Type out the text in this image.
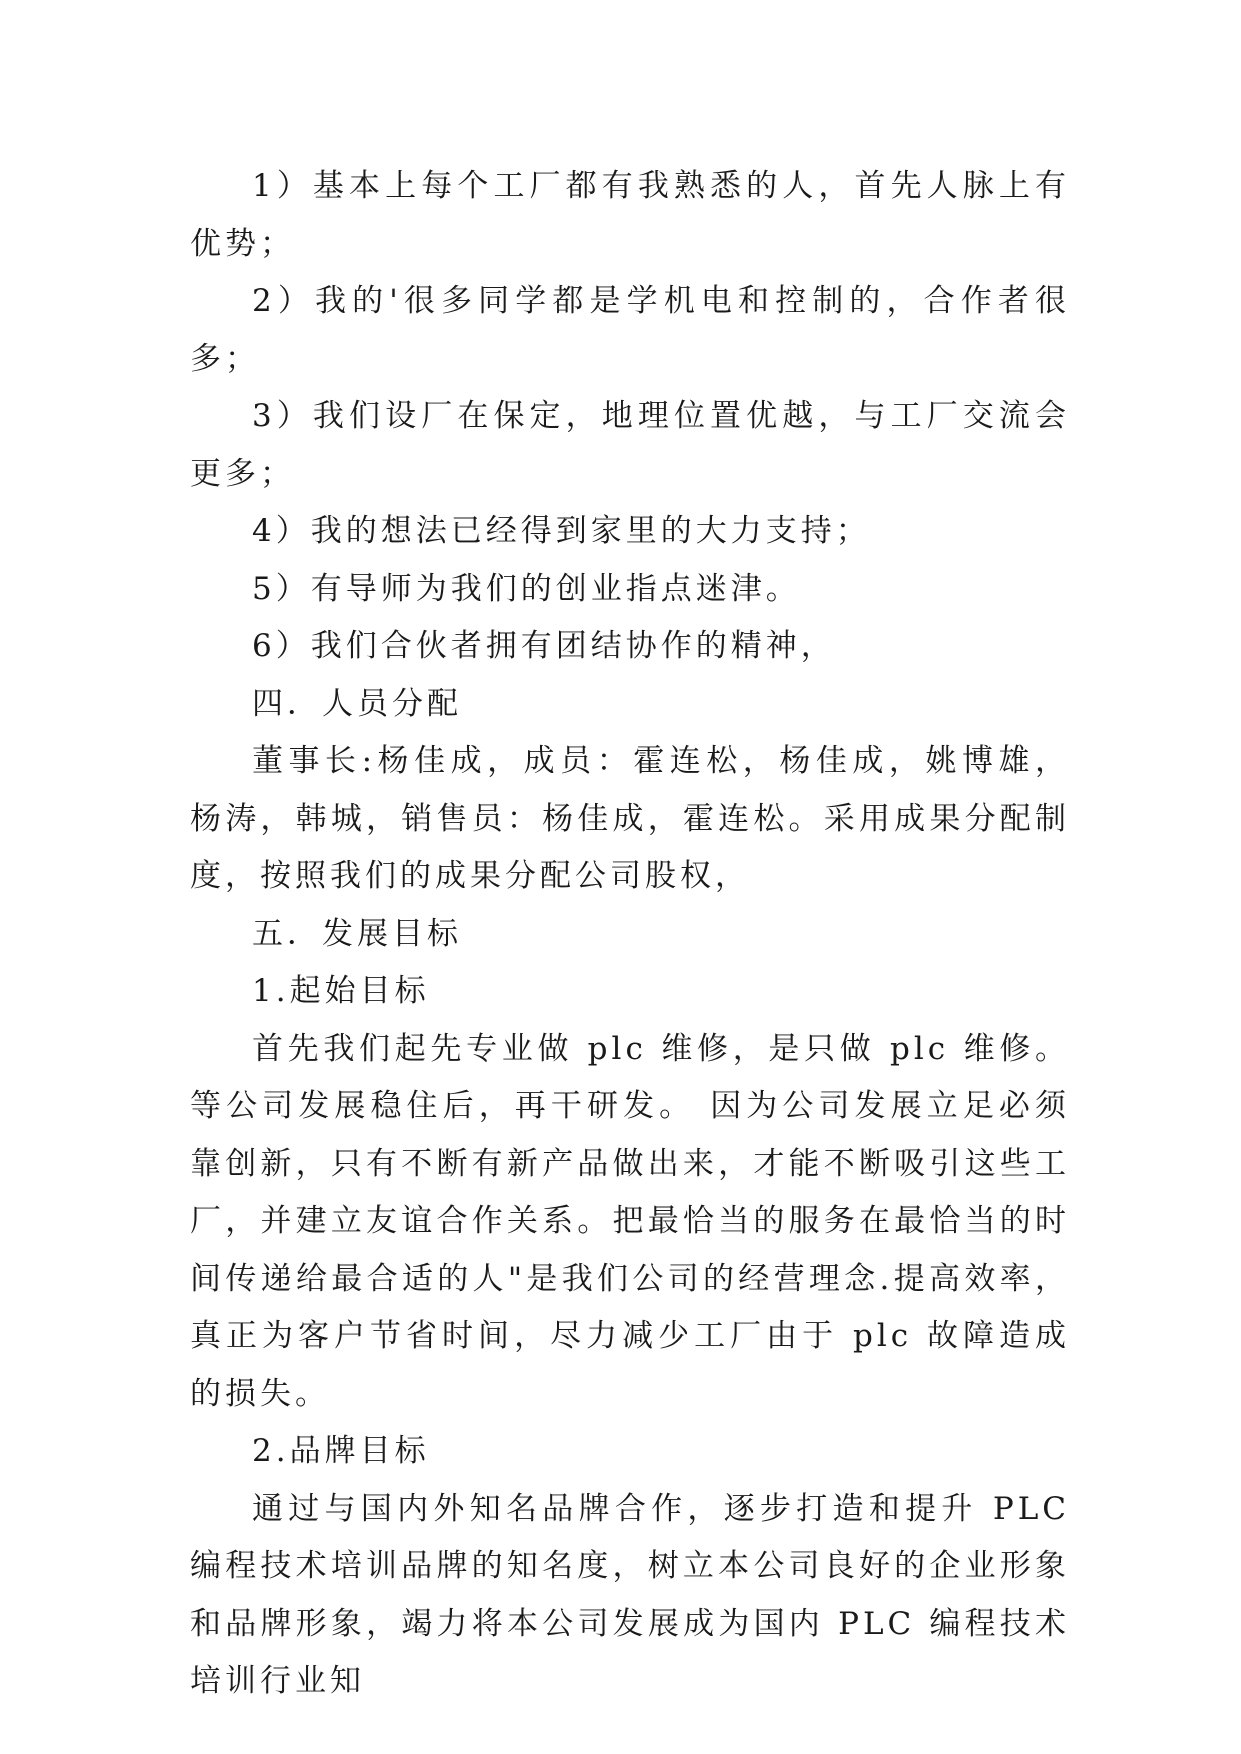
1）基本上每个工厂都有我熟悉的人，首先人脉上有优势；

2）我的'很多同学都是学机电和控制的，合作者很多；

3）我们设厂在保定，地理位置优越，与工厂交流会更多；

4）我的想法已经得到家里的大力支持；

5）有导师为我们的创业指点迷津。

6）我们合伙者拥有团结协作的精神，

四．人员分配

董事长:杨佳成，成员：霍连松，杨佳成，姚博雄，杨涛，韩城，销售员：杨佳成，霍连松。采用成果分配制度，按照我们的成果分配公司股权，

五．发展目标

1.起始目标

首先我们起先专业做 plc 维修，是只做 plc 维修。等公司发展稳住后，再干研发。 因为公司发展立足必须靠创新，只有不断有新产品做出来，才能不断吸引这些工厂，并建立友谊合作关系。把最恰当的服务在最恰当的时间传递给最合适的人"是我们公司的经营理念.提高效率，真正为客户节省时间，尽力减少工厂由于 plc 故障造成的损失。

2.品牌目标

通过与国内外知名品牌合作，逐步打造和提升 PLC 编程技术培训品牌的知名度，树立本公司良好的企业形象和品牌形象，竭力将本公司发展成为国内 PLC 编程技术培训行业知
